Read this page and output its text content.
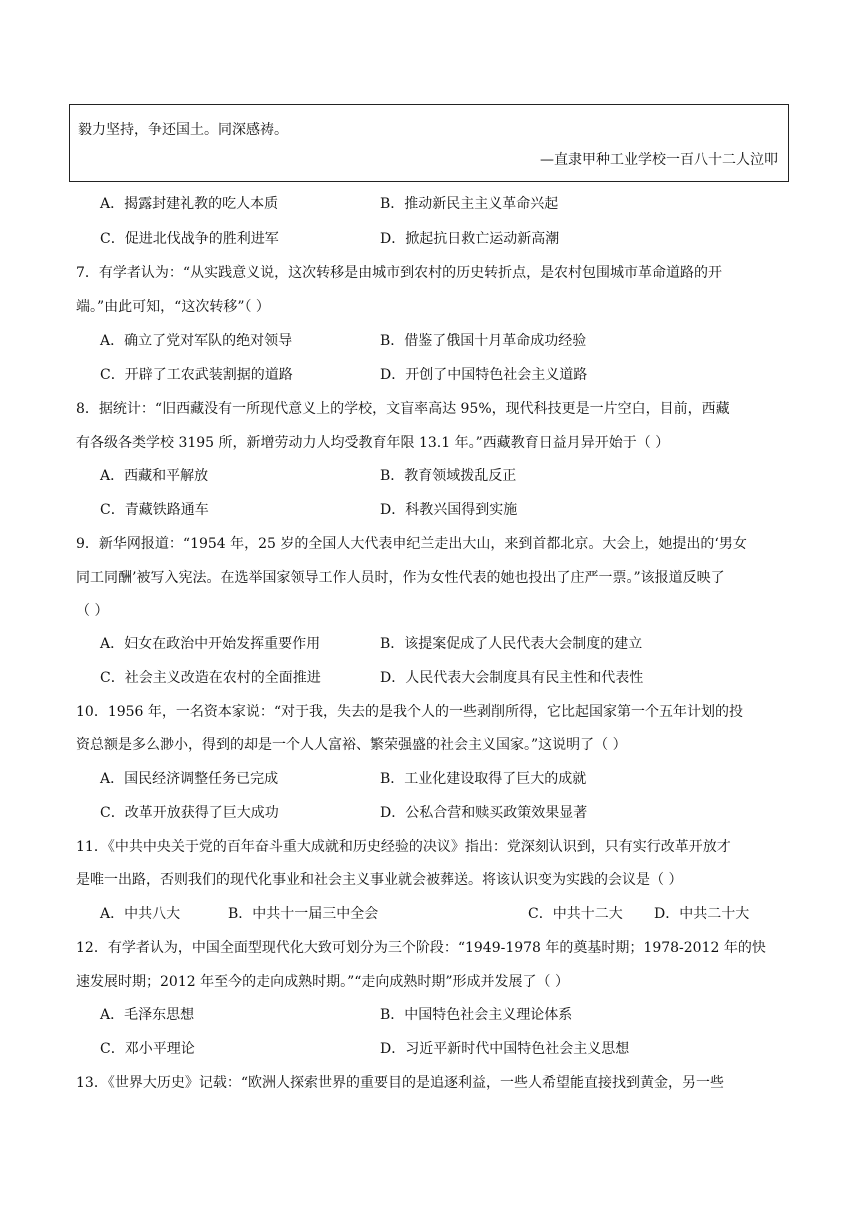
毅力坚持，争还国土。同深感祷。
—直隶甲种工业学校一百八十二人泣叩
A．揭露封建礼教的吃人本质	B．推动新民主主义革命兴起
C．促进北伐战争的胜利进军	D．掀起抗日救亡运动新高潮
7．有学者认为：“从实践意义说，这次转移是由城市到农村的历史转折点，是农村包围城市革命道路的开
端。”由此可知，“这次转移”（ ）
A．确立了党对军队的绝对领导	B．借鉴了俄国十月革命成功经验
C．开辟了工农武装割据的道路	D．开创了中国特色社会主义道路
8．据统计：“旧西藏没有一所现代意义上的学校，文盲率高达 95%，现代科技更是一片空白，目前，西藏
有各级各类学校 3195 所，新增劳动力人均受教育年限 13.1 年。”西藏教育日益月异开始于（ ）
A．西藏和平解放	B．教育领域拨乱反正
C．青藏铁路通车	D．科教兴国得到实施
9．新华网报道：“1954 年，25 岁的全国人大代表申纪兰走出大山，来到首都北京。大会上，她提出的‘男女
同工同酬’被写入宪法。在选举国家领导工作人员时，作为女性代表的她也投出了庄严一票。”该报道反映了
（ ）
A．妇女在政治中开始发挥重要作用	B．该提案促成了人民代表大会制度的建立
C．社会主义改造在农村的全面推进	D．人民代表大会制度具有民主性和代表性
10．1956 年，一名资本家说：“对于我，失去的是我个人的一些剥削所得，它比起国家第一个五年计划的投
资总额是多么渺小，得到的却是一个人人富裕、繁荣强盛的社会主义国家。”这说明了（ ）
A．国民经济调整任务已完成	B．工业化建设取得了巨大的成就
C．改革开放获得了巨大成功	D．公私合营和赎买政策效果显著
11．《中共中央关于党的百年奋斗重大成就和历史经验的决议》指出：党深刻认识到，只有实行改革开放才
是唯一出路，否则我们的现代化事业和社会主义事业就会被葬送。将该认识变为实践的会议是（ ）
A．中共八大	B．中共十一届三中全会	C．中共十二大 D．中共二十大
12．有学者认为，中国全面型现代化大致可划分为三个阶段：“1949-1978 年的奠基时期；1978-2012 年的快
速发展时期；2012 年至今的走向成熟时期。”“走向成熟时期”形成并发展了（ ）
A．毛泽东思想	B．中国特色社会主义理论体系
C．邓小平理论	D．习近平新时代中国特色社会主义思想
13．《世界大历史》记载：“欧洲人探索世界的重要目的是追逐利益，一些人希望能直接找到黄金，另一些
